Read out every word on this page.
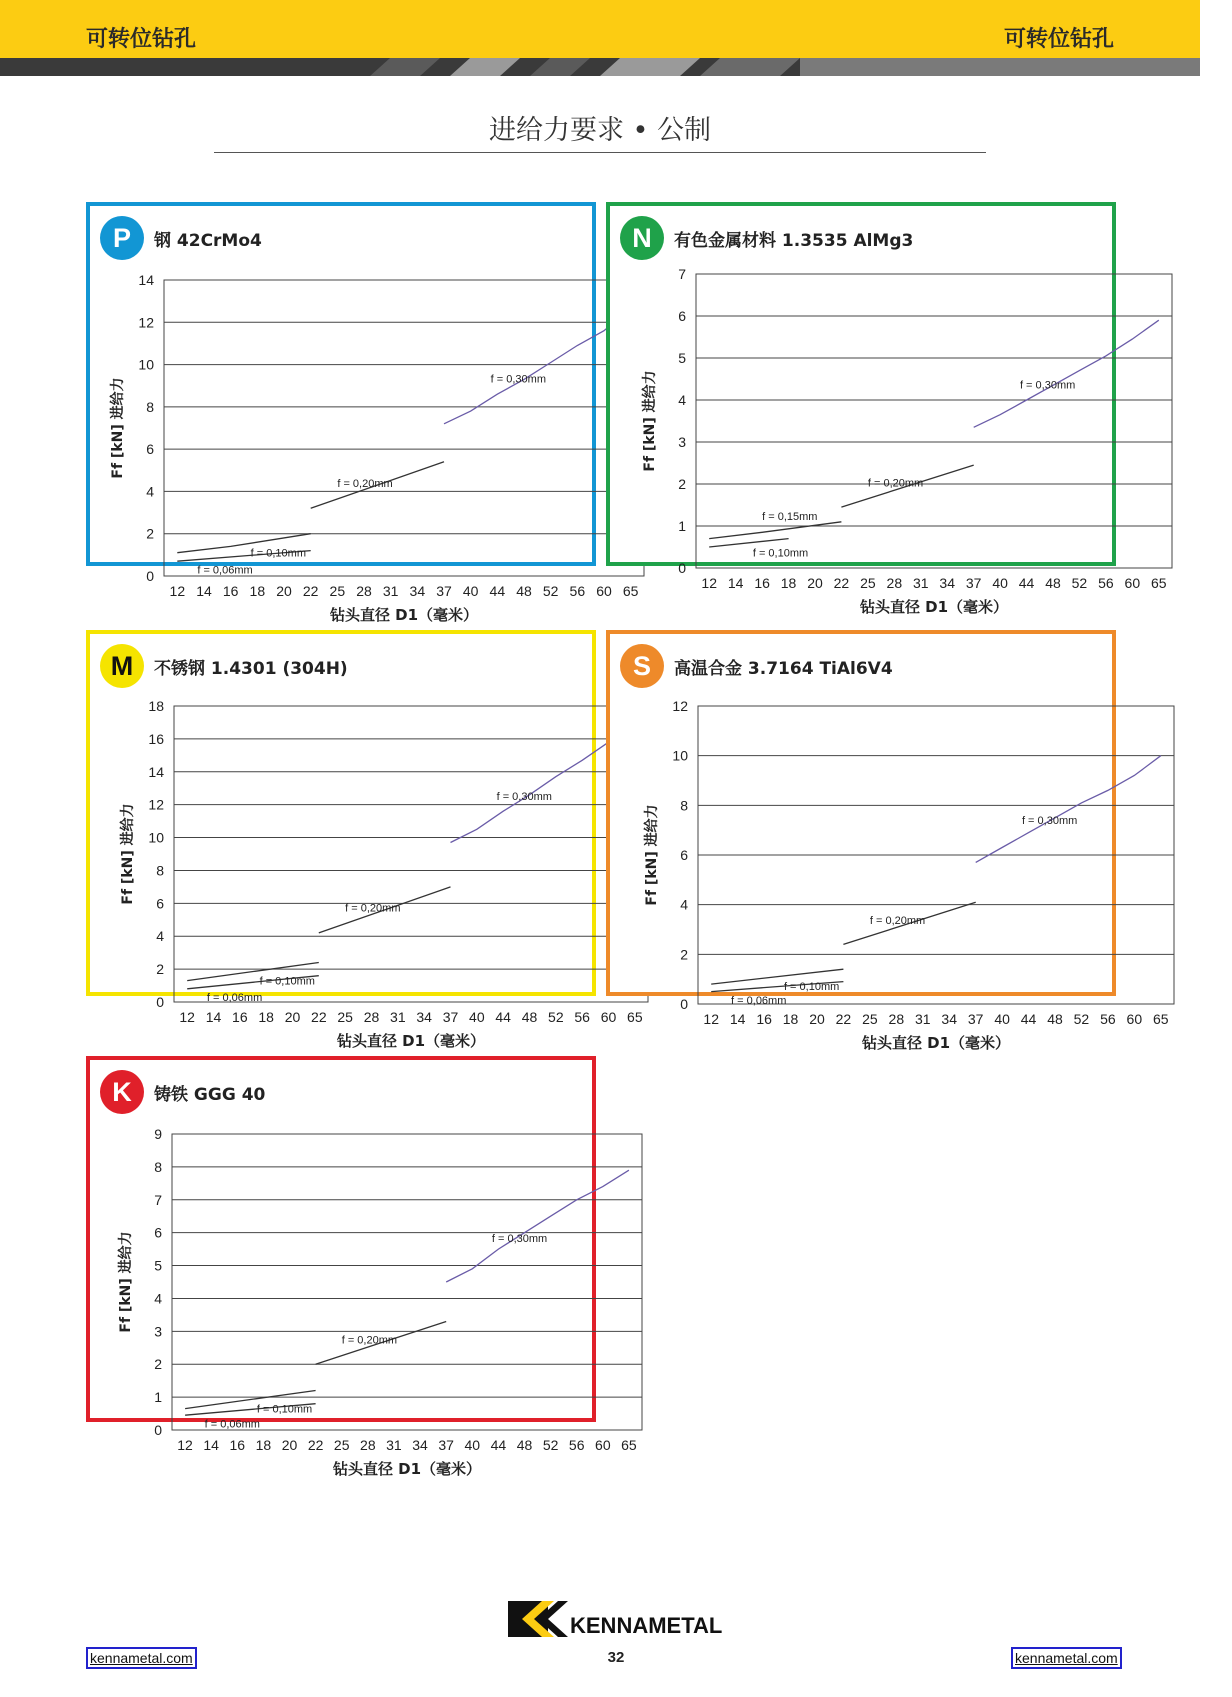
可转位钻孔	可转位钻孔
进给力要求 • 公制
P	钢 42CrMo4
0
2
4
6
8
10
12
14
12 14 16 18 20 22 25 28 31 34 37 40 44 48 52 56 60 65
钻头直径 D1（毫米）
Ff [kN] 进给力
f = 0,06mm
f = 0,10mm
f = 0,20mm
f = 0,30mm
N	有色金属材料 1.3535 AlMg3
0
1
2
3
4
5
6
7
12 14 16 18 20 22 25 28 31 34 37 40 44 48 52 56 60 65
钻头直径 D1（毫米）
Ff [kN] 进给力
f = 0,10mm
f = 0,15mm
f = 0,20mm
f = 0,30mm
M	不锈钢 1.4301 (304H)
0
2
4
6
8
10
12
14
16
18
12 14 16 18 20 22 25 28 31 34 37 40 44 48 52 56 60 65
钻头直径 D1（毫米）
Ff [kN] 进给力
f = 0,06mm
f = 0,10mm
f = 0,20mm
f = 0,30mm
S	高温合金 3.7164 TiAl6V4
0
2
4
6
8
10
12
12 14 16 18 20 22 25 28 31 34 37 40 44 48 52 56 60 65
钻头直径 D1（毫米）
Ff [kN] 进给力
f = 0,06mm
f = 0,10mm
f = 0,20mm
f = 0,30mm
K	铸铁 GGG 40
0
1
2
3
4
5
6
7
8
9
12 14 16 18 20 22 25 28 31 34 37 40 44 48 52 56 60 65
钻头直径 D1（毫米）
Ff [kN] 进给力
f = 0,06mm
f = 0,10mm
f = 0,20mm
f = 0,30mm
KENNAMETAL
kennametal.com	32	kennametal.com
